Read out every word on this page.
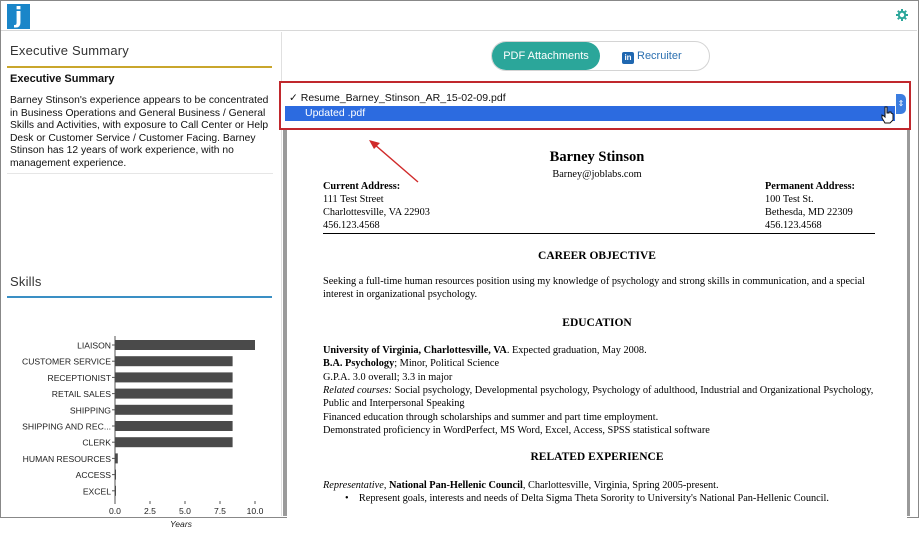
j
Executive Summary
Executive Summary
Barney Stinson's experience appears to be concentrated in Business Operations and General Business / General Skills and Activities, with exposure to Call Center or Help Desk or Customer Service / Customer Facing. Barney Stinson has 12 years of work experience, with no management experience.
Skills
LIAISON
CUSTOMER SERVICE
RECEPTIONIST
RETAIL SALES
SHIPPING
SHIPPING AND REC...
CLERK
HUMAN RESOURCES
ACCESS
EXCEL
0.0	2.5	5.0	7.5 10.0
Years
PDF Attachments	in Recruiter
Barney Stinson
Barney@joblabs.com
Current Address:
111 Test Street
Charlottesville, VA 22903
456.123.4568
Permanent Address:
100 Test St.
Bethesda, MD 22309
456.123.4568
CAREER OBJECTIVE
Seeking a full-time human resources position using my knowledge of psychology and strong skills in communication, and a special interest in organizational psychology.
EDUCATION
University of Virginia, Charlottesville, VA. Expected graduation, May 2008.
B.A. Psychology; Minor, Political Science
G.P.A. 3.0 overall; 3.3 in major
Related courses: Social psychology, Developmental psychology, Psychology of adulthood, Industrial and Organizational Psychology, Public and Interpersonal Speaking
Financed education through scholarships and summer and part time employment.
Demonstrated proficiency in WordPerfect, MS Word, Excel, Access, SPSS statistical software
RELATED EXPERIENCE
Representative, National Pan-Hellenic Council, Charlottesville, Virginia, Spring 2005-present.
•    Represent goals, interests and needs of Delta Sigma Theta Sorority to University's National Pan-Hellenic Council.
✓ Resume_Barney_Stinson_AR_15-02-09.pdf
Updated .pdf
⇕
